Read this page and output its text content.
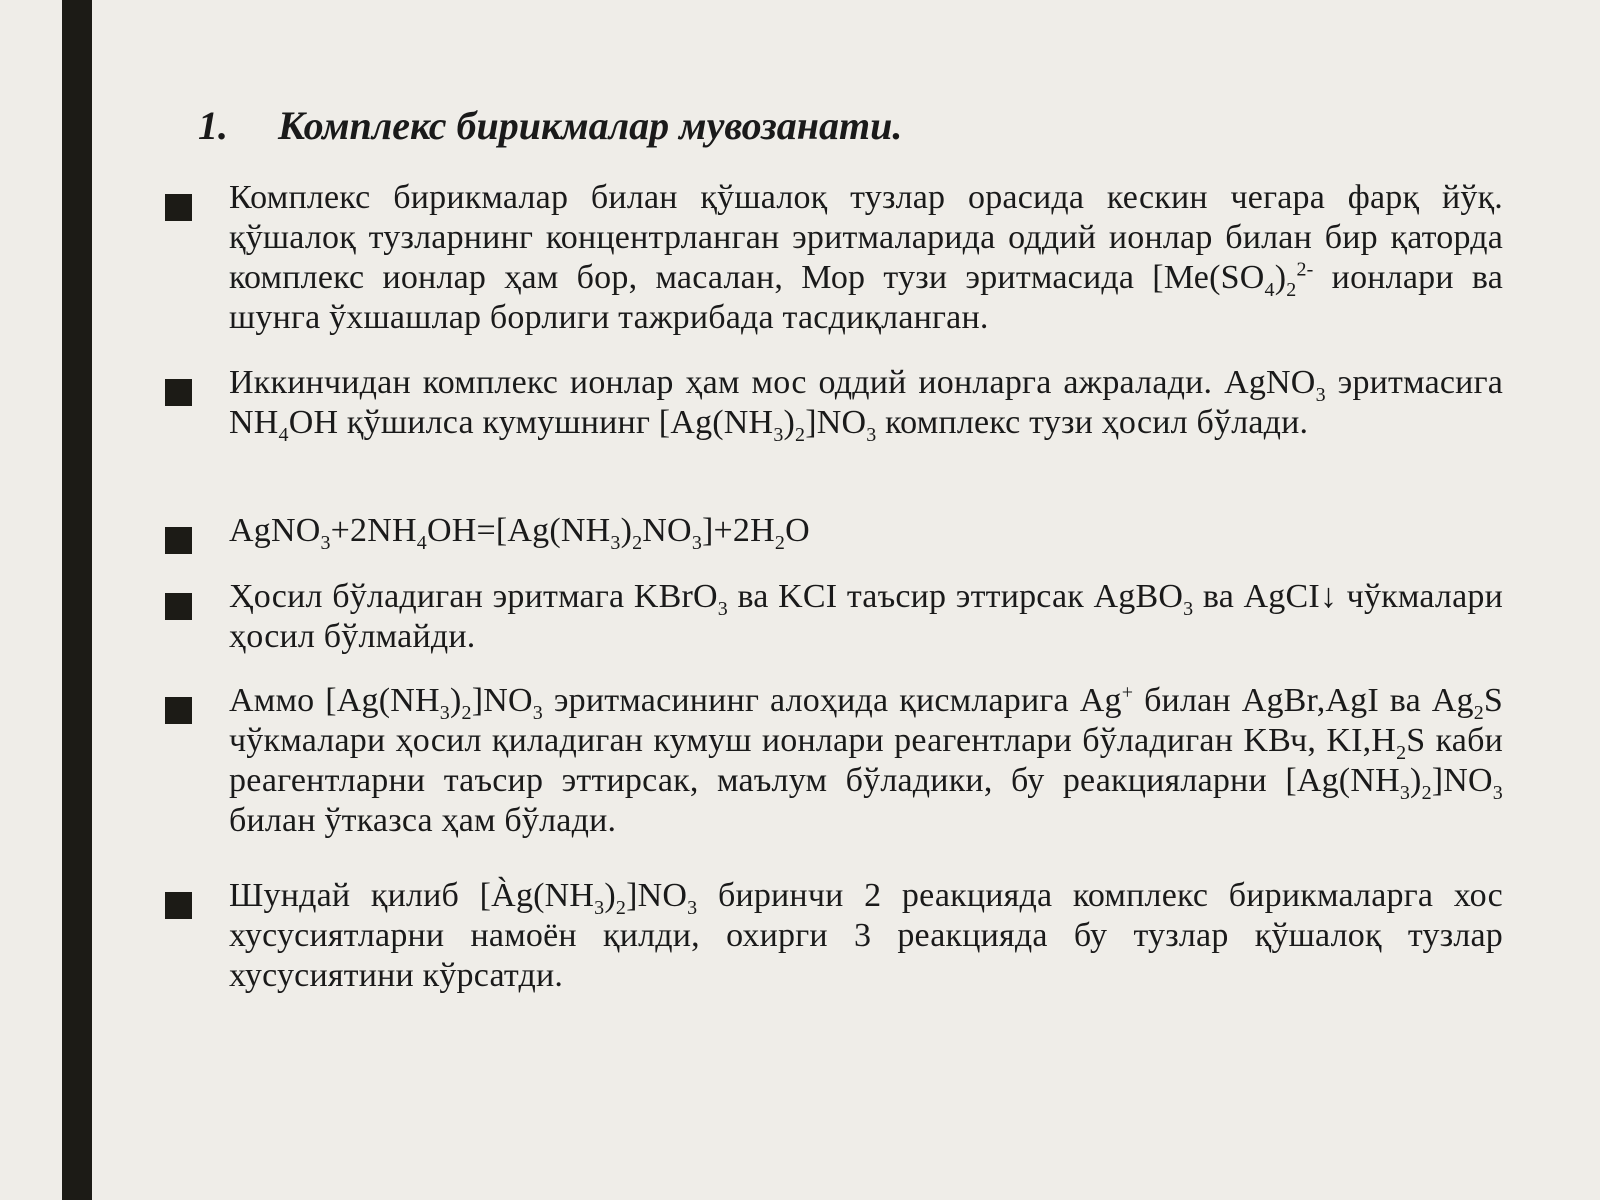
1. Комплекс бирикмалар мувозанати.
Комплекс бирикмалар билан қўшалоқ тузлар орасида кескин чегара фарқ йўқ. қўшалоқ тузларнинг концентрланган эритмаларида оддий ионлар билан бир қаторда комплекс ионлар ҳам бор, масалан, Мор тузи эритмасида [$Ме(SO_4)_2^{2-}$ ионлари ва шунга ўхшашлар борлиги тажрибада тасдиқланган.
Иккинчидан комплекс ионлар ҳам мос оддий ионларга ажралади. AgNO$_3$ эритмасига $NH_4OH$ қўшилса кумушнинг $[Ag(NH_3)_2]NO_3$ комплекс тузи ҳосил бўлади.
$AgNO_3+2NH_4OH=[Ag(NH_3)_2NO_3]+2H_2O$
Ҳосил бўладиган эритмага KBrO$_3$ ва KCI таъсир эттирсак AgBO$_3$ ва AgCI↓ чўкмалари ҳосил бўлмайди.
Аммо $[Ag(NH_3)_2]NO_3$ эритмасининг алоҳида қисмларига Ag+ билан AgBr,AgI ва $Ag_2S$ чўкмалари ҳосил қиладиган кумуш ионлари реагентлари бўладиган KВч, $KI,H_2S$ каби реагентларни таъсир эттирсак, маълум бўладики, бу реакцияларни $[Ag(NH_3)_2]NO_3$ билан ўтказса ҳам бўлади.
Шундай қилиб $[Àg(NH_3)_2]NO_3$ биринчи 2 реакцияда комплекс бирикмаларга хос хусусиятларни намоён қилди, охирги 3 реакцияда бу тузлар қўшалоқ тузлар хусусиятини кўрсатди.
